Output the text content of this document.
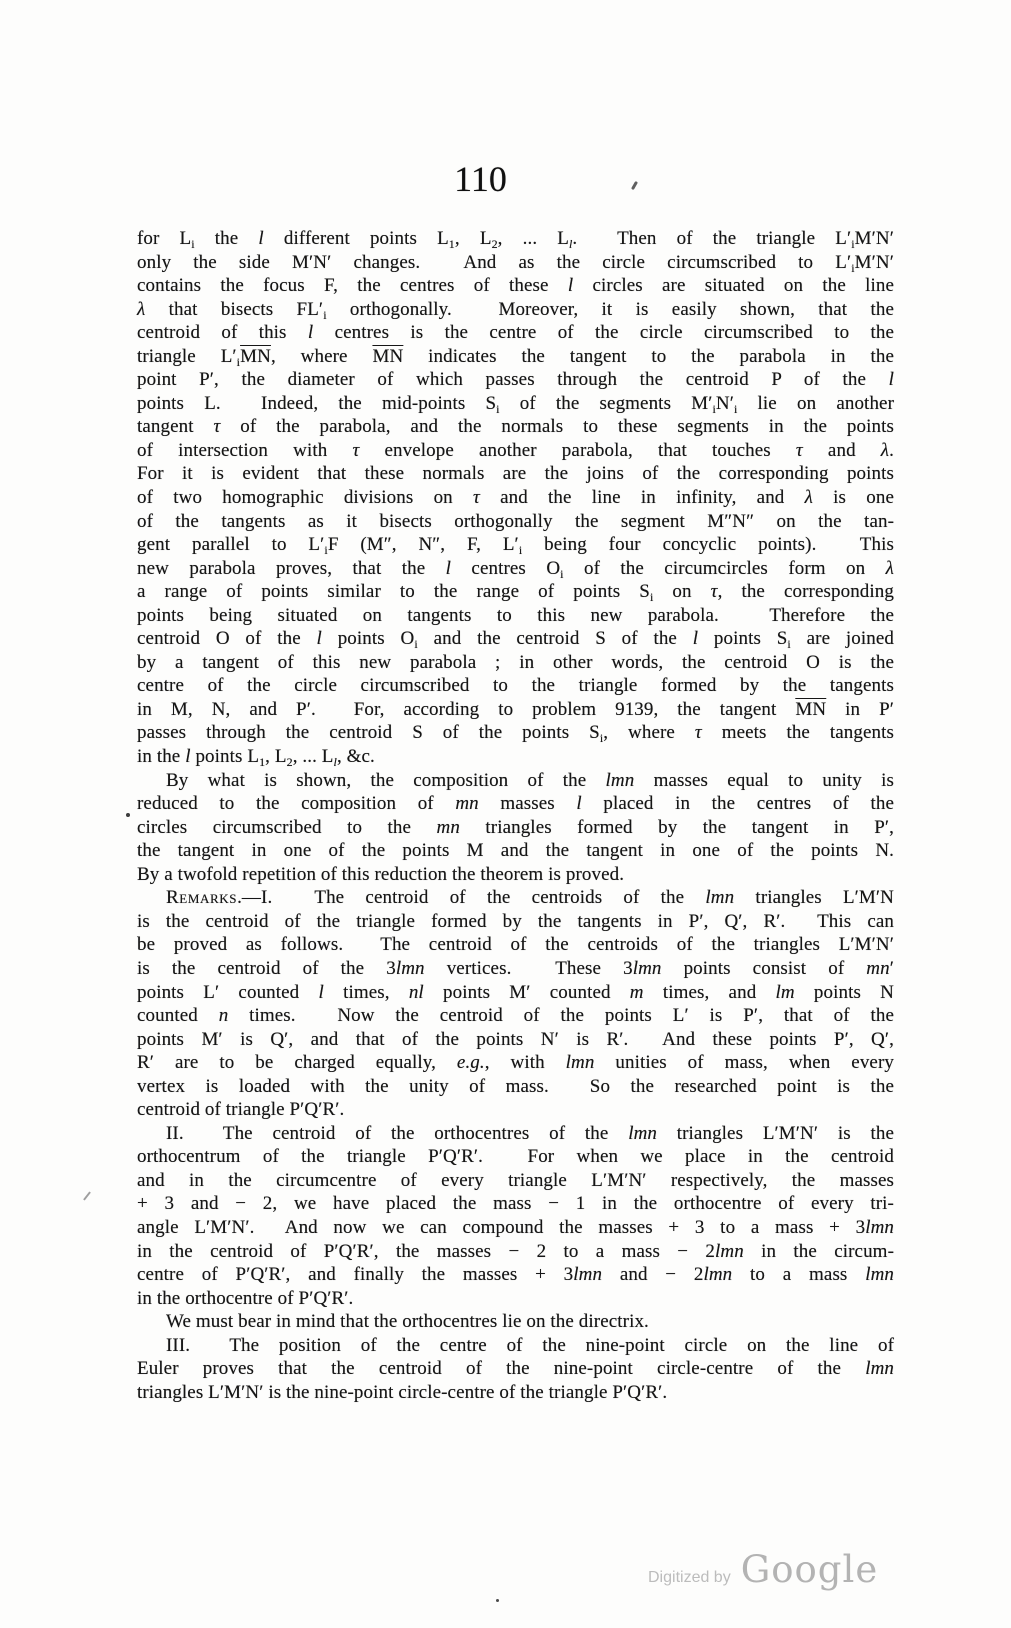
110
for $L_i$ the l different points $L_1$, $L_2$, ... $L_l$.  Then of the triangle $L'_iM'N'$
only the side M′N′ changes.  And as the circle circumscribed to $L'_iM'N'$
contains the focus F, the centres of these l circles are situated on the line
λ that bisects $FL'_i$ orthogonally.  Moreover, it is easily shown, that the
centroid of this l centres is the centre of the circle circumscribed to the
triangle $L'_i\overline{MN}$, where $\overline{MN}$ indicates the tangent to the parabola in the
point P′, the diameter of which passes through the centroid P of the l
points L.  Indeed, the mid-points $S_i$ of the segments $M'_iN'_i$ lie on another
tangent τ of the parabola, and the normals to these segments in the points
of intersection with τ envelope another parabola, that touches τ and λ.
For it is evident that these normals are the joins of the corresponding points
of two homographic divisions on τ and the line in infinity, and λ is one
of the tangents as it bisects orthogonally the segment M″N″ on the tan-
gent parallel to $L'_iF$ (M″, N″, F, $L'_i$ being four concyclic points).  This
new parabola proves, that the l centres $O_i$ of the circumcircles form on λ
a range of points similar to the range of points $S_i$ on τ, the corresponding
points being situated on tangents to this new parabola.  Therefore the
centroid O of the l points $O_i$ and the centroid S of the l points $S_i$ are joined
by a tangent of this new parabola ; in other words, the centroid O is the
centre of the circle circumscribed to the triangle formed by the tangents
in M, N, and P′.  For, according to problem 9139, the tangent $\overline{MN}$ in P′
passes through the centroid S of the points $S_i$, where τ meets the tangents
in the l points $L_1$, $L_2$, ... $L_l$, &c.
By what is shown, the composition of the lmn masses equal to unity is
reduced to the composition of mn masses l placed in the centres of the
circles circumscribed to the mn triangles formed by the tangent in P′,
the tangent in one of the points M and the tangent in one of the points N.
By a twofold repetition of this reduction the theorem is proved.
Remarks.—I.  The centroid of the centroids of the lmn triangles L′M′N
is the centroid of the triangle formed by the tangents in P′, Q′, R′.  This can
be proved as follows.  The centroid of the centroids of the triangles L′M′N′
is the centroid of the 3lmn vertices.  These 3lmn points consist of mn′
points L′ counted l times, nl points M′ counted m times, and lm points N
counted n times.  Now the centroid of the points L′ is P′, that of the
points M′ is Q′, and that of the points N′ is R′.  And these points P′, Q′,
R′ are to be charged equally, e.g., with lmn unities of mass, when every
vertex is loaded with the unity of mass.  So the researched point is the
centroid of triangle P′Q′R′.
II.  The centroid of the orthocentres of the lmn triangles L′M′N′ is the
orthocentrum of the triangle P′Q′R′.  For when we place in the centroid
and in the circumcentre of every triangle L′M′N′ respectively, the masses
+ 3 and − 2, we have placed the mass − 1 in the orthocentre of every tri-
angle L′M′N′.  And now we can compound the masses + 3 to a mass + 3lmn
in the centroid of P′Q′R′, the masses − 2 to a mass − 2lmn in the circum-
centre of P′Q′R′, and finally the masses + 3lmn and − 2lmn to a mass lmn
in the orthocentre of P′Q′R′.
We must bear in mind that the orthocentres lie on the directrix.
III.  The position of the centre of the nine-point circle on the line of
Euler proves that the centroid of the nine-point circle-centre of the lmn
triangles L′M′N′ is the nine-point circle-centre of the triangle P′Q′R′.
Digitized by Google
